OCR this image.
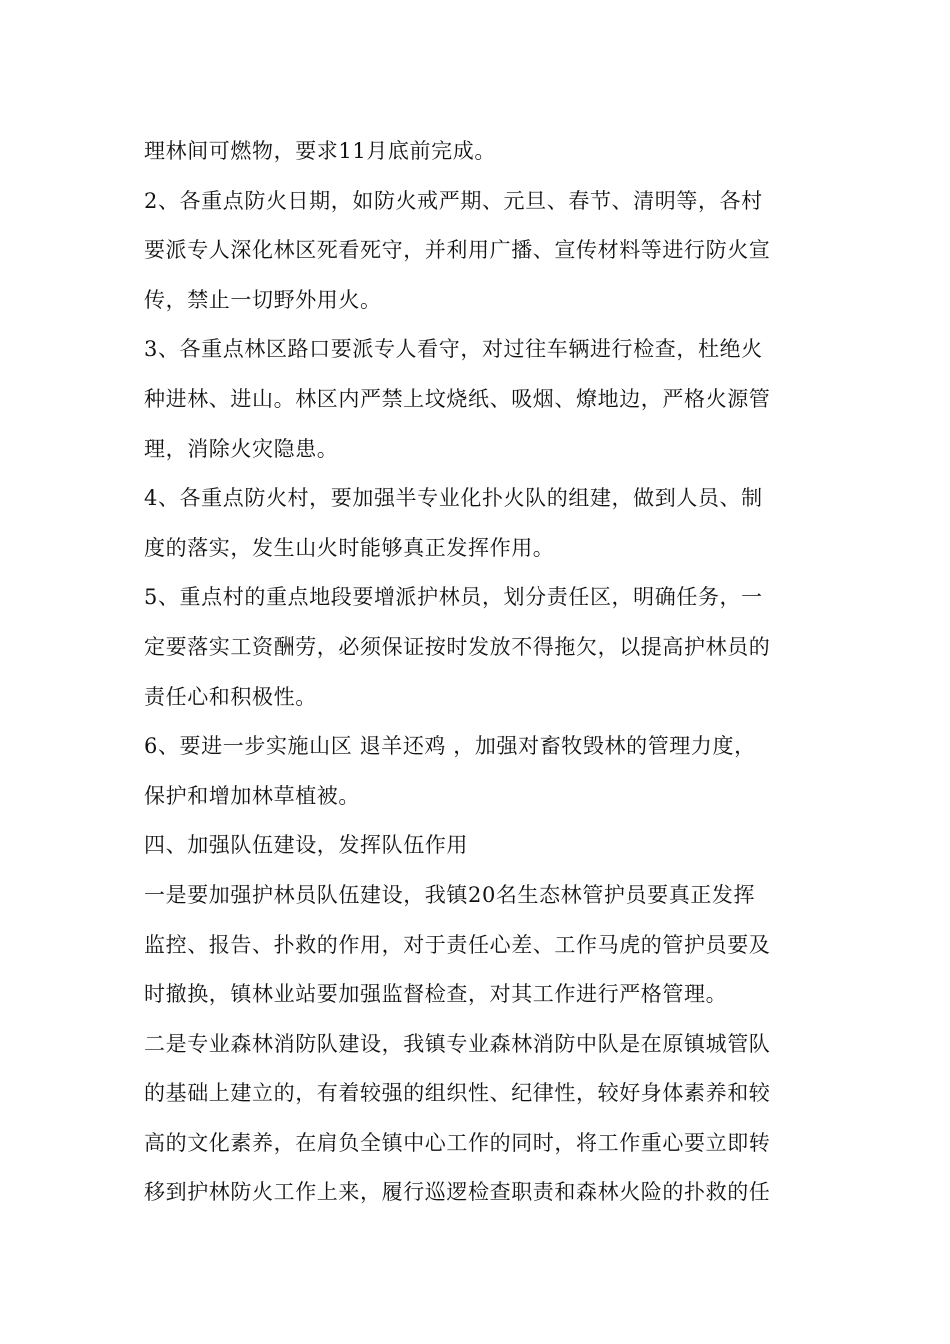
理林间可燃物，要求11月底前完成。
2、各重点防火日期，如防火戒严期、元旦、春节、清明等，各村
要派专人深化林区死看死守，并利用广播、宣传材料等进行防火宣
传，禁止一切野外用火。
3、各重点林区路口要派专人看守，对过往车辆进行检查，杜绝火
种进林、进山。林区内严禁上坟烧纸、吸烟、燎地边，严格火源管
理，消除火灾隐患。
4、各重点防火村，要加强半专业化扑火队的组建，做到人员、制
度的落实，发生山火时能够真正发挥作用。
5、重点村的重点地段要增派护林员，划分责任区，明确任务，一
定要落实工资酬劳，必须保证按时发放不得拖欠，以提高护林员的
责任心和积极性。
6、要进一步实施山区 退羊还鸡 ，加强对畜牧毁林的管理力度，
保护和增加林草植被。
四、加强队伍建设，发挥队伍作用
一是要加强护林员队伍建设，我镇20名生态林管护员要真正发挥
监控、报告、扑救的作用，对于责任心差、工作马虎的管护员要及
时撤换，镇林业站要加强监督检查，对其工作进行严格管理。
二是专业森林消防队建设，我镇专业森林消防中队是在原镇城管队
的基础上建立的，有着较强的组织性、纪律性，较好身体素养和较
高的文化素养，在肩负全镇中心工作的同时，将工作重心要立即转
移到护林防火工作上来，履行巡逻检查职责和森林火险的扑救的任
